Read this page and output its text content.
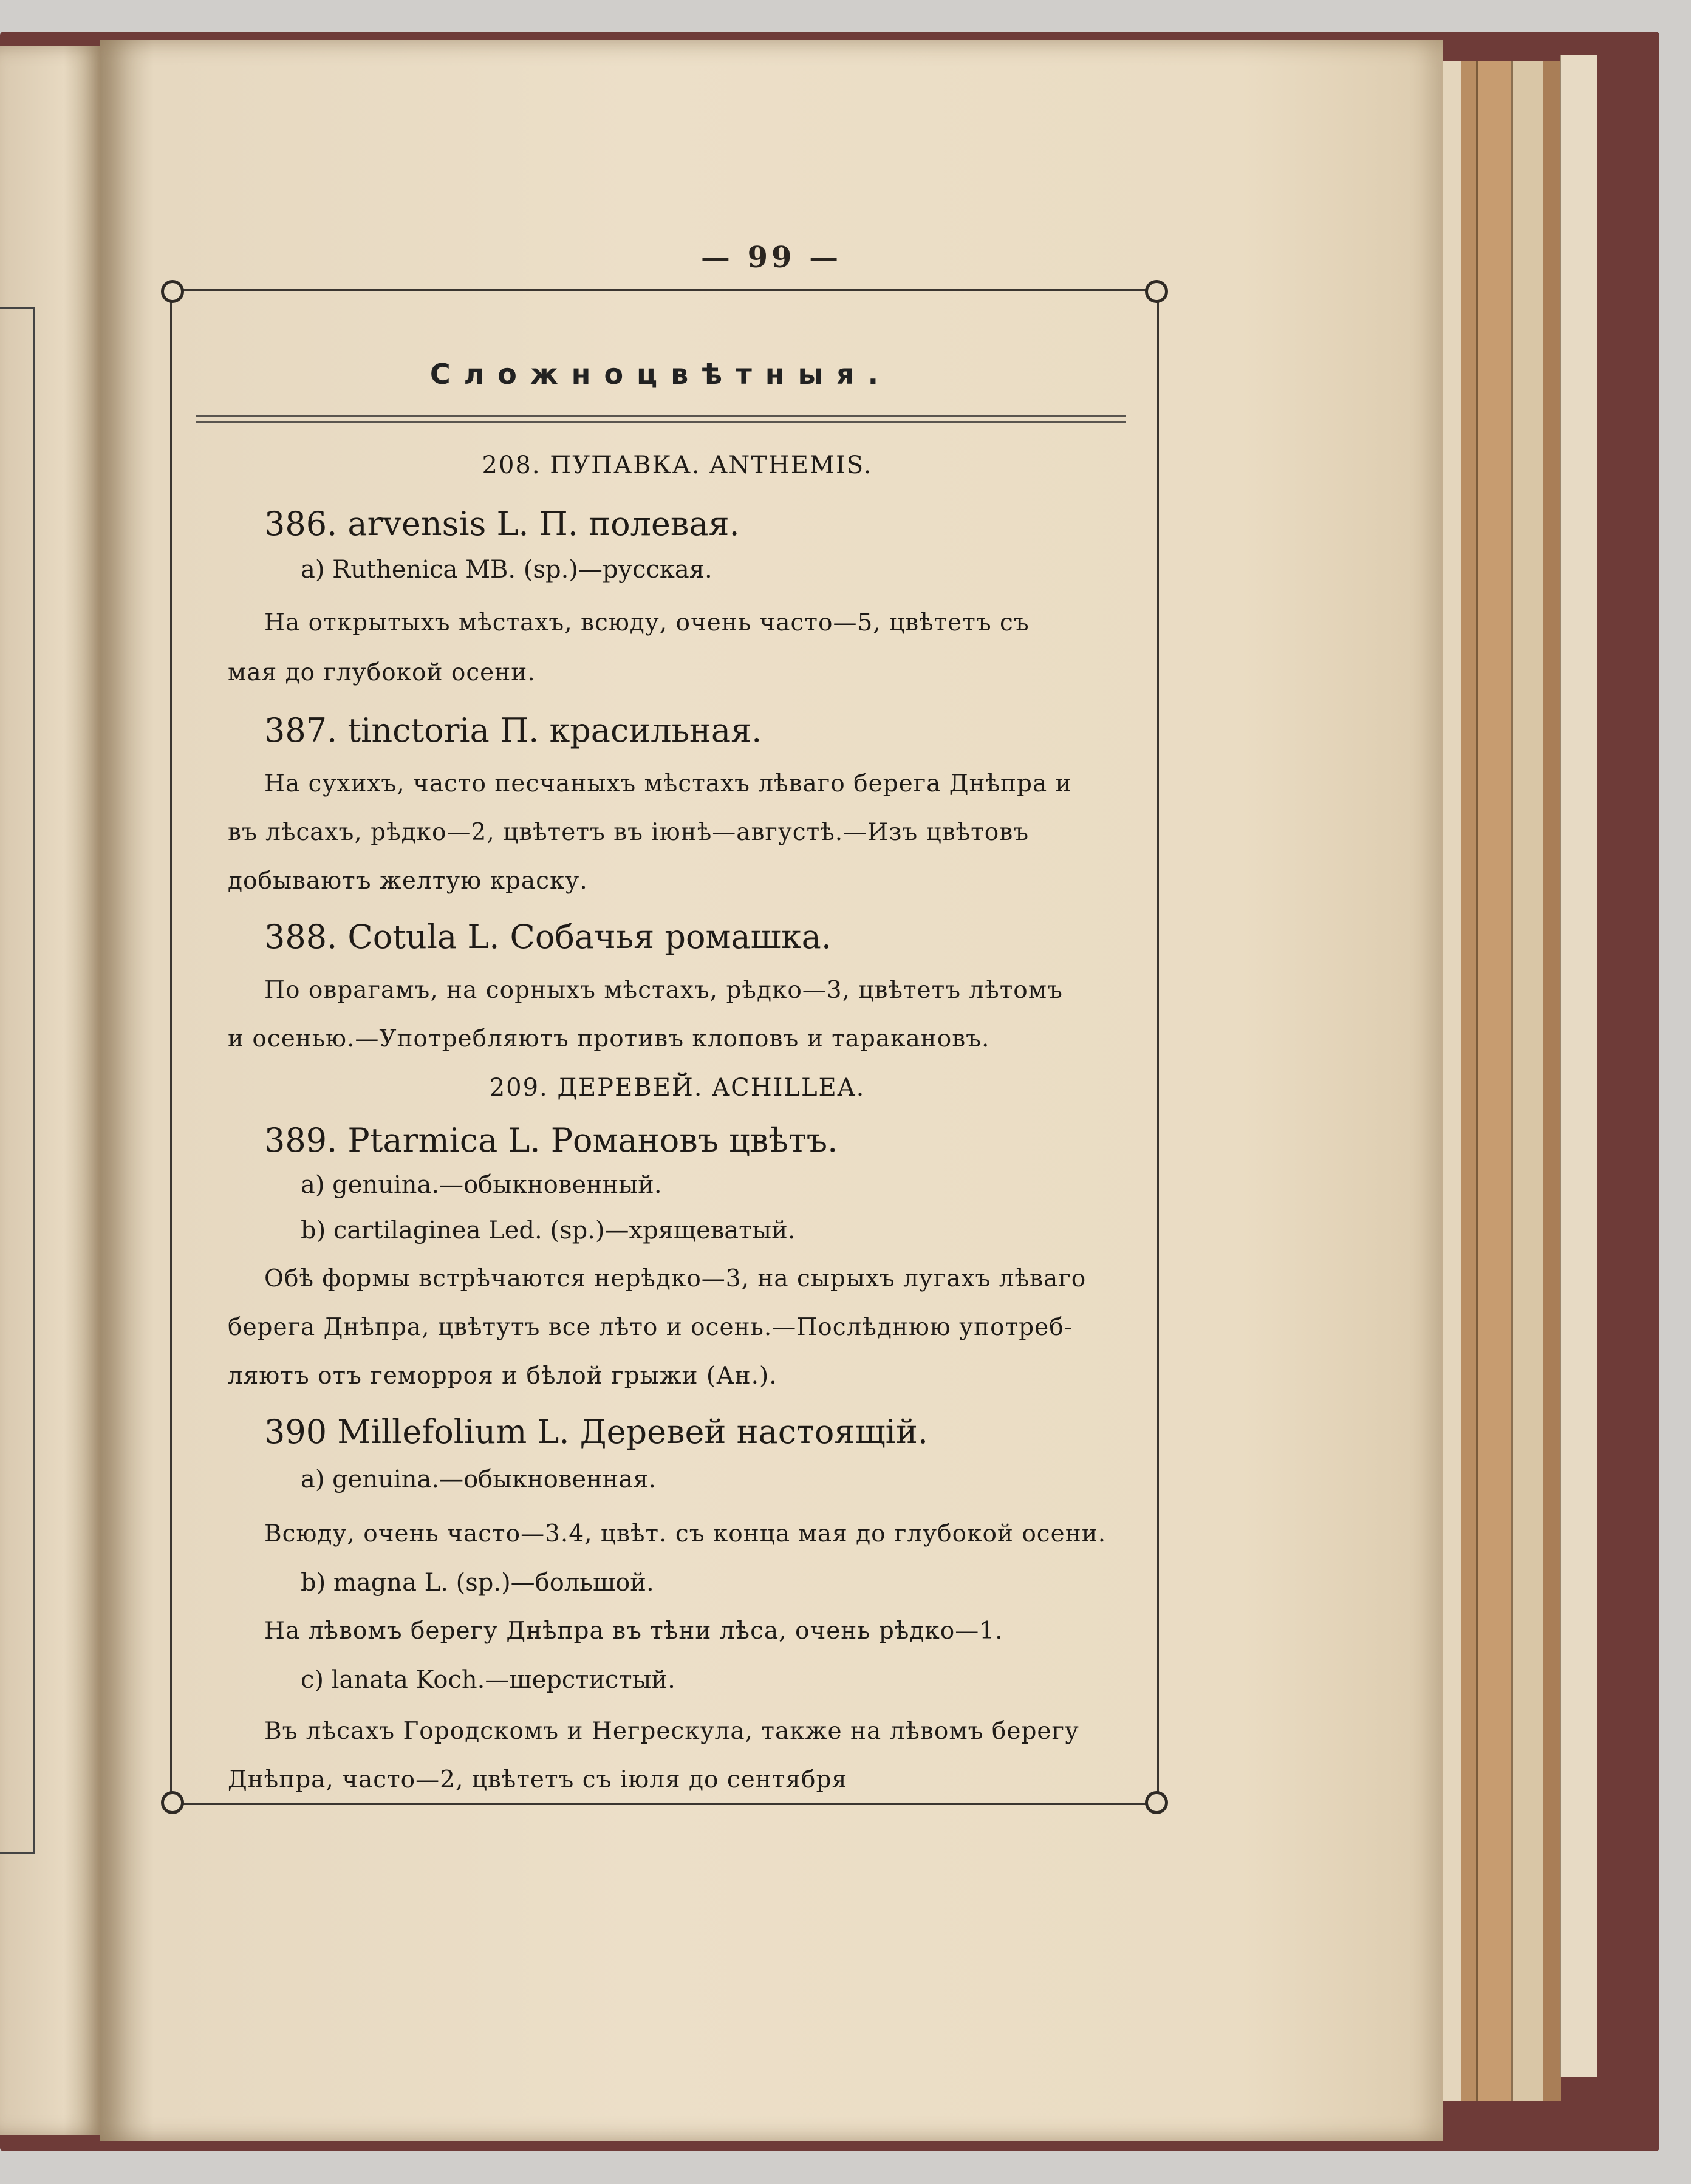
— 99 —
Сложноцвѣтныя.
208. ПУПАВКА. ANTHEMIS.
386. arvensis L. П. полевая.
a) Ruthenica MB. (sp.)—русская.
На открытыхъ мѣстахъ, всюду, очень часто—5, цвѣтетъ съ
мая до глубокой осени.
387. tinctoria П. красильная.
На сухихъ, часто песчаныхъ мѣстахъ лѣваго берега Днѣпра и
въ лѣсахъ, рѣдко—2, цвѣтетъ въ іюнѣ—августѣ.—Изъ цвѣтовъ
добываютъ желтую краску.
388. Cotula L. Собачья ромашка.
По оврагамъ, на сорныхъ мѣстахъ, рѣдко—3, цвѣтетъ лѣтомъ
и осенью.—Употребляютъ противъ клоповъ и таракановъ.
209. ДЕРЕВЕЙ. ACHILLEA.
389. Ptarmica L. Романовъ цвѣтъ.
a) genuina.—обыкновенный.
b) cartilaginea Led. (sp.)—хрящеватый.
Обѣ формы встрѣчаются нерѣдко—3, на сырыхъ лугахъ лѣваго
берега Днѣпра, цвѣтутъ все лѣто и осень.—Послѣднюю употреб-
ляютъ отъ геморроя и бѣлой грыжи (Ан.).
390 Millefolium L. Деревей настоящій.
a) genuina.—обыкновенная.
Всюду, очень часто—3.4, цвѣт. съ конца мая до глубокой осени.
b) magna L. (sp.)—большой.
На лѣвомъ берегу Днѣпра въ тѣни лѣса, очень рѣдко—1.
c) lanata Koch.—шерстистый.
Въ лѣсахъ Городскомъ и Негрескула, также на лѣвомъ берегу
Днѣпра, часто—2, цвѣтетъ съ іюля до сентября
